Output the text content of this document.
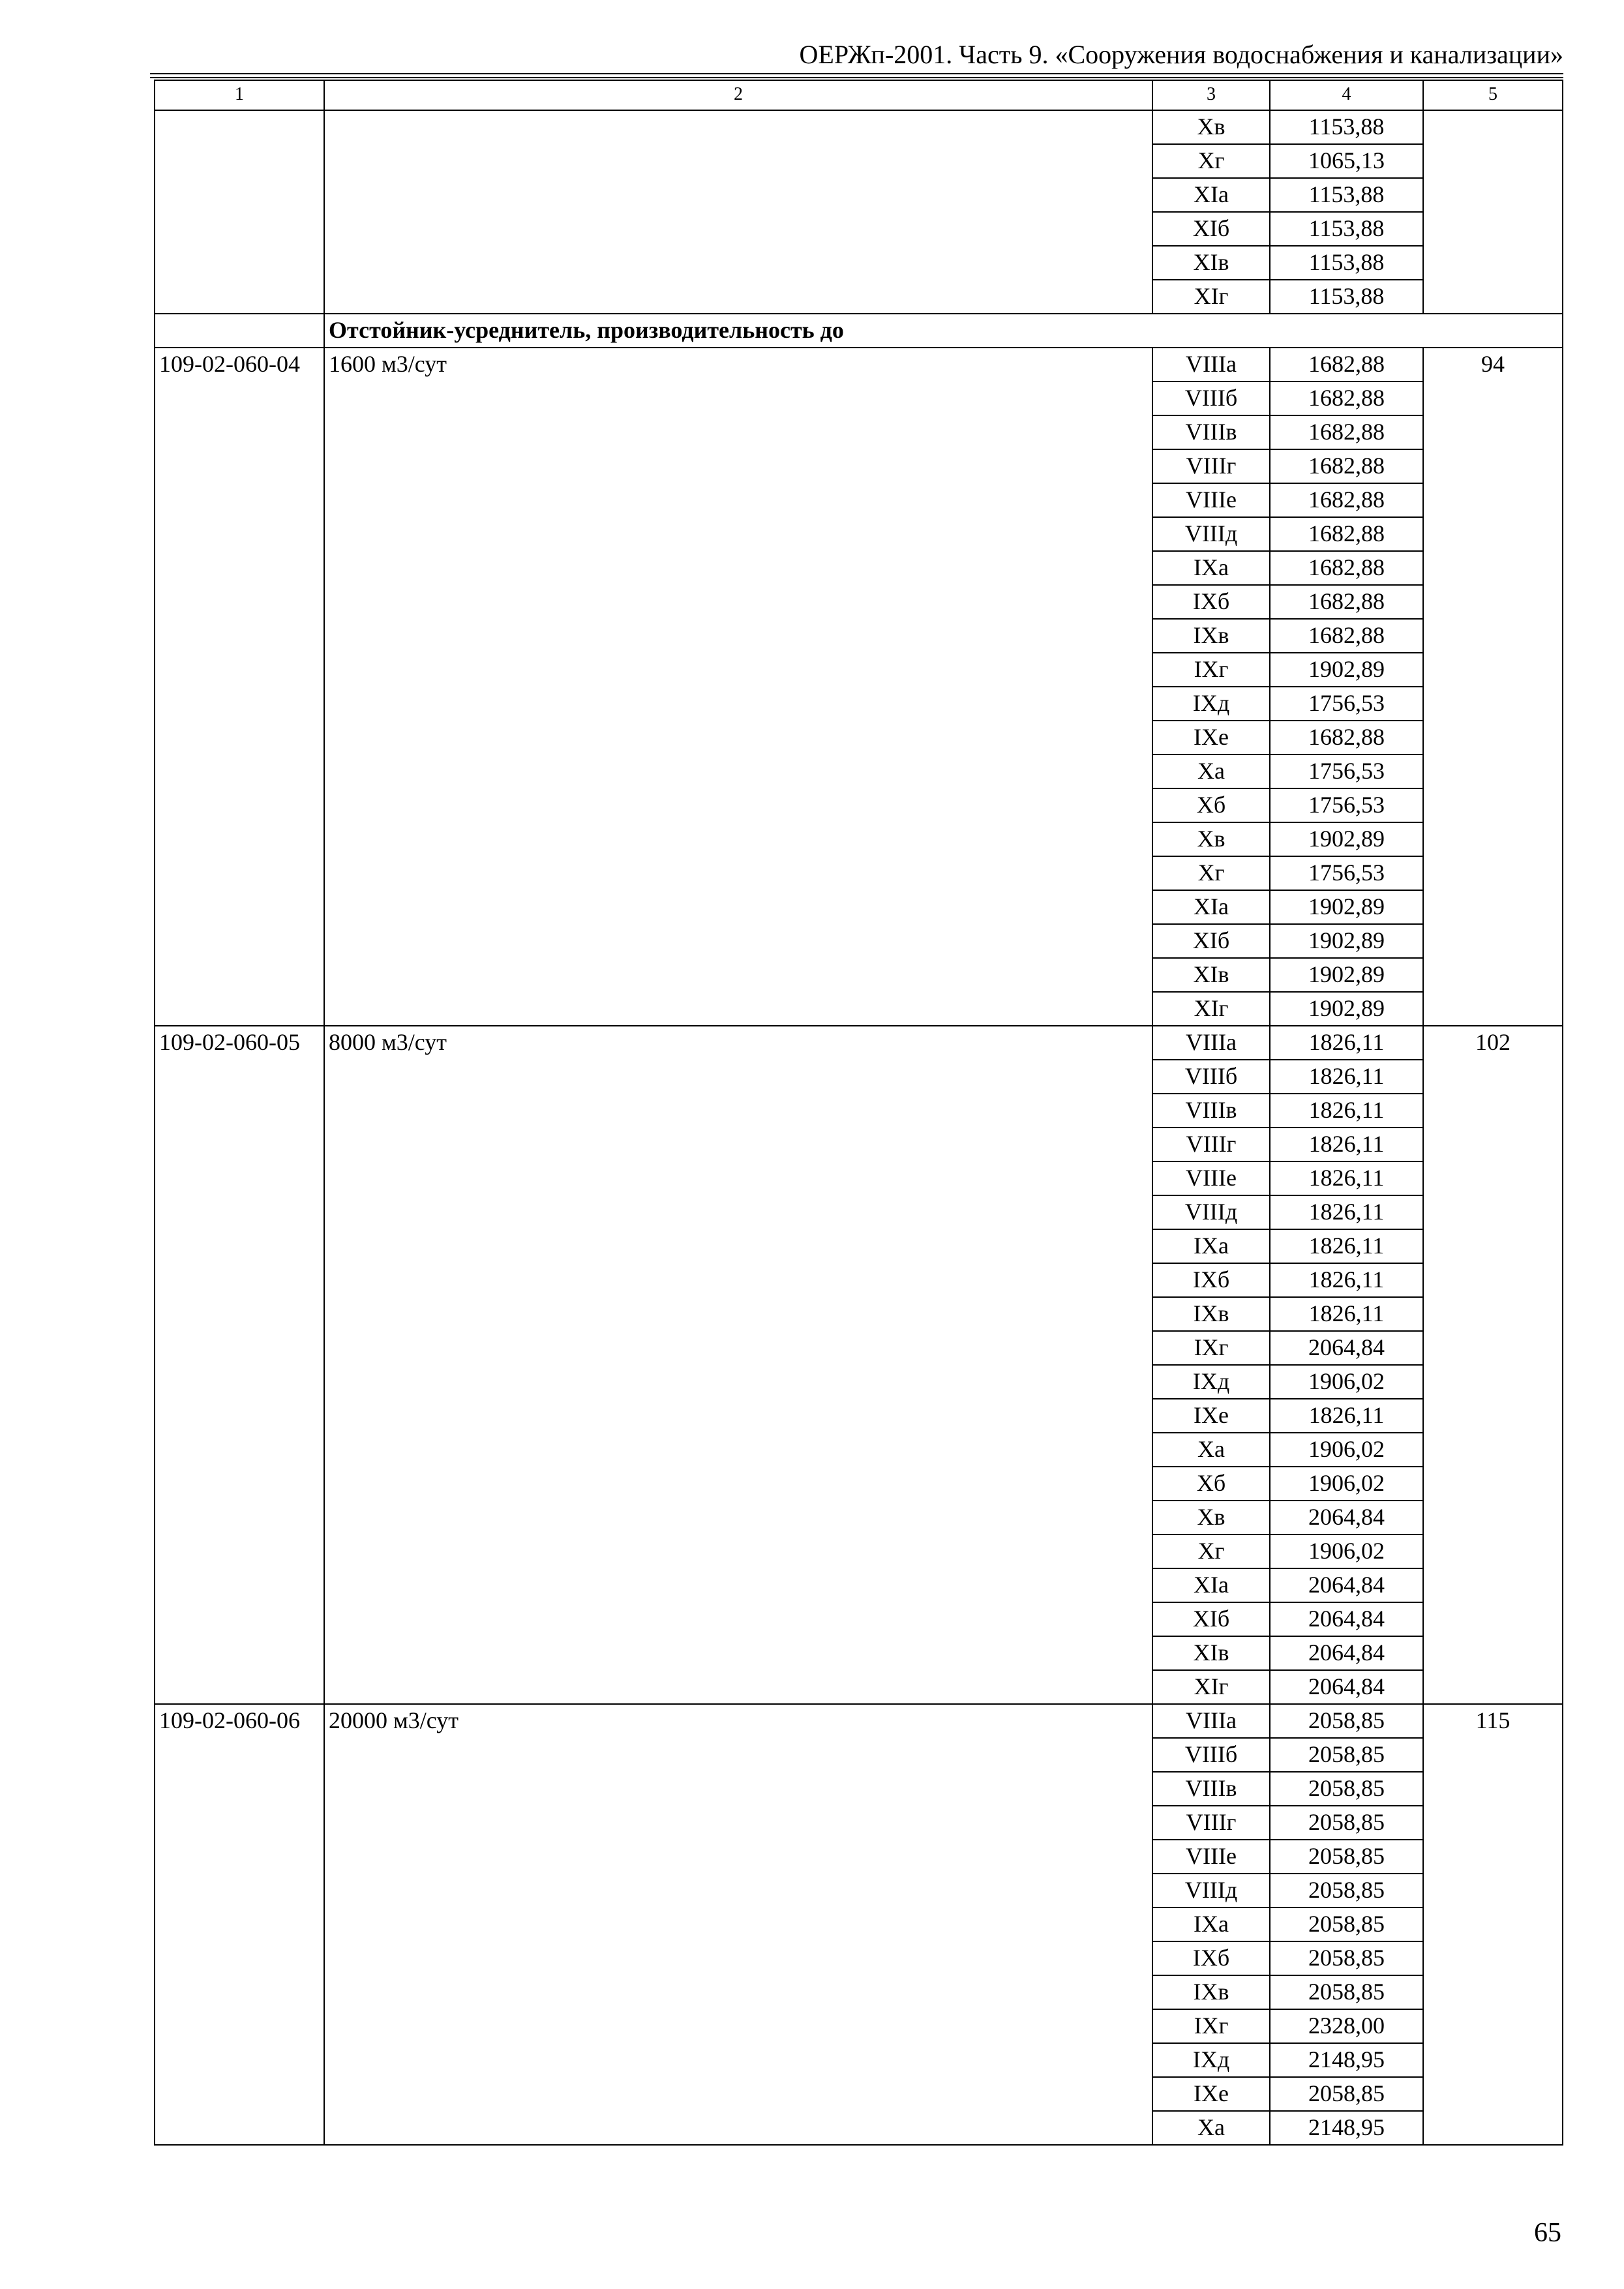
ОЕРЖп-2001. Часть 9. «Сооружения водоснабжения и канализации»
1	2	3	4	5
		Xв	1153,88	
		Xг	1065,13	
		XIа	1153,88	
		XIб	1153,88	
		XIв	1153,88	
		XIг	1153,88	
	Отстойник-усреднитель, производительность до			
109-02-060-04	1600 м3/сут	VIIIа	1682,88	94
		VIIIб	1682,88	
		VIIIв	1682,88	
		VIIIг	1682,88	
		VIIIе	1682,88	
		VIIIд	1682,88	
		IXа	1682,88	
		IXб	1682,88	
		IXв	1682,88	
		IXг	1902,89	
		IXд	1756,53	
		IXе	1682,88	
		Xа	1756,53	
		Xб	1756,53	
		Xв	1902,89	
		Xг	1756,53	
		XIа	1902,89	
		XIб	1902,89	
		XIв	1902,89	
		XIг	1902,89	
109-02-060-05	8000 м3/сут	VIIIа	1826,11	102
		VIIIб	1826,11	
		VIIIв	1826,11	
		VIIIг	1826,11	
		VIIIе	1826,11	
		VIIIд	1826,11	
		IXа	1826,11	
		IXб	1826,11	
		IXв	1826,11	
		IXг	2064,84	
		IXд	1906,02	
		IXе	1826,11	
		Xа	1906,02	
		Xб	1906,02	
		Xв	2064,84	
		Xг	1906,02	
		XIа	2064,84	
		XIб	2064,84	
		XIв	2064,84	
		XIг	2064,84	
109-02-060-06	20000 м3/сут	VIIIа	2058,85	115
		VIIIб	2058,85	
		VIIIв	2058,85	
		VIIIг	2058,85	
		VIIIе	2058,85	
		VIIIд	2058,85	
		IXа	2058,85	
		IXб	2058,85	
		IXв	2058,85	
		IXг	2328,00	
		IXд	2148,95	
		IXе	2058,85	
		Xа	2148,95	
65
